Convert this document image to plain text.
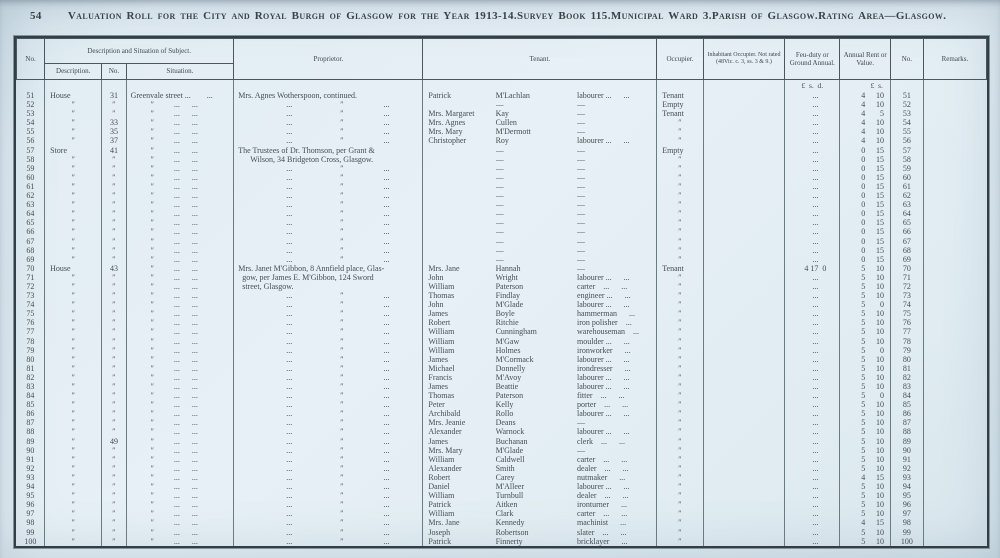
54 Valuation Roll for the City and Royal Burgh of Glasgow for the Year 1913-14. Survey Book 115. Municipal Ward 3. Parish of Glasgow. Rating Area—Glasgow.
No.	Description and Situation of Subject.			Proprietor.	Tenant.	Occupier.	Inhabitant Occupier. Not rated (48Vic. c. 3, ss. 3 & 9.)	Feu-duty or Ground Annual.	Annual Rent or Value.	No.	Remarks.
	Description.	No.	Situation.								
								£  s.  d.	£  s.		
51	House	31	Greenvale street ...  ...	Mrs. Agnes Wotherspoon, continued.	Patrick M'Lachlan labourer ...  ...	Tenant		...	4 10	51	
52	″	″	   ″   ...  ...	      ...      ″     ...	— —	Empty		...	4 10	52	
53	″	″	   ″   ...  ...	      ...      ″     ...	Mrs. Margaret Kay —	Tenant		...	4 5	53	
54	″	33	   ″   ...  ...	      ...      ″     ...	Mrs. Agnes Cullen —	″		...	4 10	54	
55	″	35	   ″   ...  ...	      ...      ″     ...	Mrs. Mary M'Dermott —	″		...	4 10	55	
56	″	37	   ″   ...  ...	      ...      ″     ...	Christopher Roy labourer ...  ...	″		...	4 10	56	
57	Store	41	   ″   ...  ...	The Trustees of Dr. Thomson, per Grant &	— —	Empty		...	0 15	57	
58	″	″	   ″   ...  ...	  Wilson, 34 Bridgeton Cross, Glasgow.	— —	″		...	0 15	58	
59	″	″	   ″   ...  ...	      ...      ″     ...	— —	″		...	0 15	59	
60	″	″	   ″   ...  ...	      ...      ″     ...	— —	″		...	0 15	60	
61	″	″	   ″   ...  ...	      ...      ″     ...	— —	″		...	0 15	61	
62	″	″	   ″   ...  ...	      ...      ″     ...	— —	″		...	0 15	62	
63	″	″	   ″   ...  ...	      ...      ″     ...	— —	″		...	0 15	63	
64	″	″	   ″   ...  ...	      ...      ″     ...	— —	″		...	0 15	64	
65	″	″	   ″   ...  ...	      ...      ″     ...	— —	″		...	0 15	65	
66	″	″	   ″   ...  ...	      ...      ″     ...	— —	″		...	0 15	66	
67	″	″	   ″   ...  ...	      ...      ″     ...	— —	″		...	0 15	67	
68	″	″	   ″   ...  ...	      ...      ″     ...	— —	″		...	0 15	68	
69	″	″	   ″   ...  ...	      ...      ″     ...	— —	″		...	0 15	69	
70	House	43	   ″   ...  ...	Mrs. Janet M'Gibbon, 8 Annfield place, Glas-	Mrs. Jane Hannah —	Tenant		4 17 0	5 10	70	
71	″	″	   ″   ...  ...	 gow, per James E. M'Gibbon, 124 Sword	John Wright labourer ...  ...	″		...	5 10	71	
72	″	″	   ″   ...  ...	 street, Glasgow.	William Paterson carter ...  ...	″		...	5 10	72	
73	″	″	   ″   ...  ...	      ...      ″     ...	Thomas Findlay engineer ...  ...	″		...	5 10	73	
74	″	″	   ″   ...  ...	      ...      ″     ...	John M'Glade labourer ...  ...	″		...	5 0	74	
75	″	″	   ″   ...  ...	      ...      ″     ...	James Boyle hammerman  ...	″		...	5 10	75	
76	″	″	   ″   ...  ...	      ...      ″     ...	Robert Ritchie iron polisher ...	″		...	5 10	76	
77	″	″	   ″   ...  ...	      ...      ″     ...	William Cunningham warehouseman ...	″		...	5 10	77	
78	″	″	   ″   ...  ...	      ...      ″     ...	William M'Gaw moulder ...  ...	″		...	5 10	78	
79	″	″	   ″   ...  ...	      ...      ″     ...	William Holmes ironworker  ...	″		...	5 0	79	
80	″	″	   ″   ...  ...	      ...      ″     ...	James M'Cormack labourer ...  ...	″		...	5 10	80	
81	″	″	   ″   ...  ...	      ...      ″     ...	Michael Donnelly irondresser  ...	″		...	5 10	81	
82	″	″	   ″   ...  ...	      ...      ″     ...	Francis M'Avoy labourer ...  ...	″		...	5 10	82	
83	″	″	   ″   ...  ...	      ...      ″     ...	James Beattie labourer ...  ...	″		...	5 10	83	
84	″	″	   ″   ...  ...	      ...      ″     ...	Thomas Paterson fitter ...  ...	″		...	5 0	84	
85	″	″	   ″   ...  ...	      ...      ″     ...	Peter Kelly porter ...  ...	″		...	5 10	85	
86	″	″	   ″   ...  ...	      ...      ″     ...	Archibald Rollo labourer ...  ...	″		...	5 10	86	
87	″	″	   ″   ...  ...	      ...      ″     ...	Mrs. Jeanie Deans —	″		...	5 10	87	
88	″	″	   ″   ...  ...	      ...      ″     ...	Alexander Warnock labourer ...  ...	″		...	5 10	88	
89	″	49	   ″   ...  ...	      ...      ″     ...	James Buchanan clerk ...  ...	″		...	5 10	89	
90	″	″	   ″   ...  ...	      ...      ″     ...	Mrs. Mary M'Glade —	″		...	5 10	90	
91	″	″	   ″   ...  ...	      ...      ″     ...	William Caldwell carter ...  ...	″		...	5 10	91	
92	″	″	   ″   ...  ...	      ...      ″     ...	Alexander Smith dealer ...  ...	″		...	5 10	92	
93	″	″	   ″   ...  ...	      ...      ″     ...	Robert Carey nutmaker  ...	″		...	4 15	93	
94	″	″	   ″   ...  ...	      ...      ″     ...	Daniel M'Alleer labourer ...  ...	″		...	5 10	94	
95	″	″	   ″   ...  ...	      ...      ″     ...	William Turnbull dealer ...  ...	″		...	5 10	95	
96	″	″	   ″   ...  ...	      ...      ″     ...	Patrick Aitken ironturner  ...	″		...	5 10	96	
97	″	″	   ″   ...  ...	      ...      ″     ...	William Clark carter ...  ...	″		...	5 10	97	
98	″	″	   ″   ...  ...	      ...      ″     ...	Mrs. Jane Kennedy machinist  ...	″		...	4 15	98	
99	″	″	   ″   ...  ...	      ...      ″     ...	Joseph Robertson slater ...  ...	″		...	5 10	99	
100	″	″	   ″   ...  ...	      ...      ″     ...	Patrick Finnerty bricklayer  ...	″		...	5 10	100	
